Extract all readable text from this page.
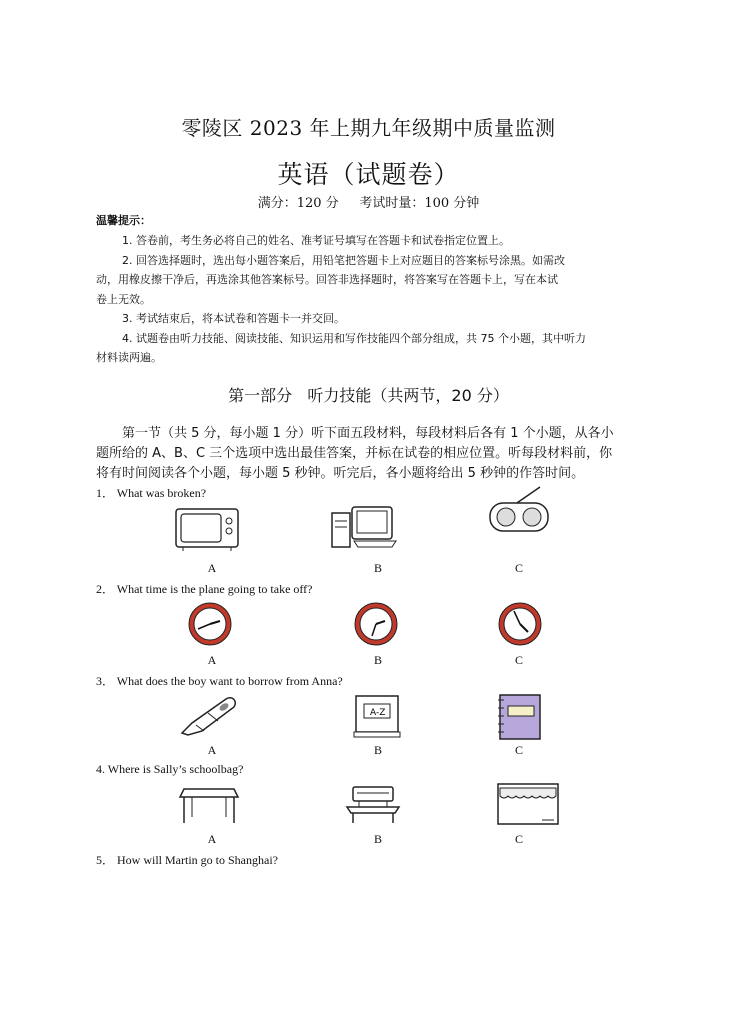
零陵区 2023 年上期九年级期中质量监测
英语（试题卷）
满分：120 分     考试时量：100 分钟
温馨提示：
1. 答卷前，考生务必将自己的姓名、准考证号填写在答题卡和试卷指定位置上。
2. 回答选择题时，选出每小题答案后，用铅笔把答题卡上对应题目的答案标号涂黑。如需改
动，用橡皮擦干净后，再选涂其他答案标号。回答非选择题时，将答案写在答题卡上，写在本试
卷上无效。
3. 考试结束后，将本试卷和答题卡一并交回。
4. 试题卷由听力技能、阅读技能、知识运用和写作技能四个部分组成，共 75 个小题，其中听力
材料读两遍。
第一部分   听力技能（共两节，20 分）
第一节（共 5 分，每小题 1 分）听下面五段材料，每段材料后各有 1 个小题，从各小
题所给的 A、B、C 三个选项中选出最佳答案，并标在试卷的相应位置。听每段材料前，你
将有时间阅读各个小题，每小题 5 秒钟。听完后，各小题将给出 5 秒钟的作答时间。
1． What was broken?
A	B	C
2． What time is the plane going to take off?
A	B	C
3． What does the boy want to borrow from Anna?
A-Z
A	B	C
4. Where is Sally’s schoolbag?
A	B	C
5． How will Martin go to Shanghai?
